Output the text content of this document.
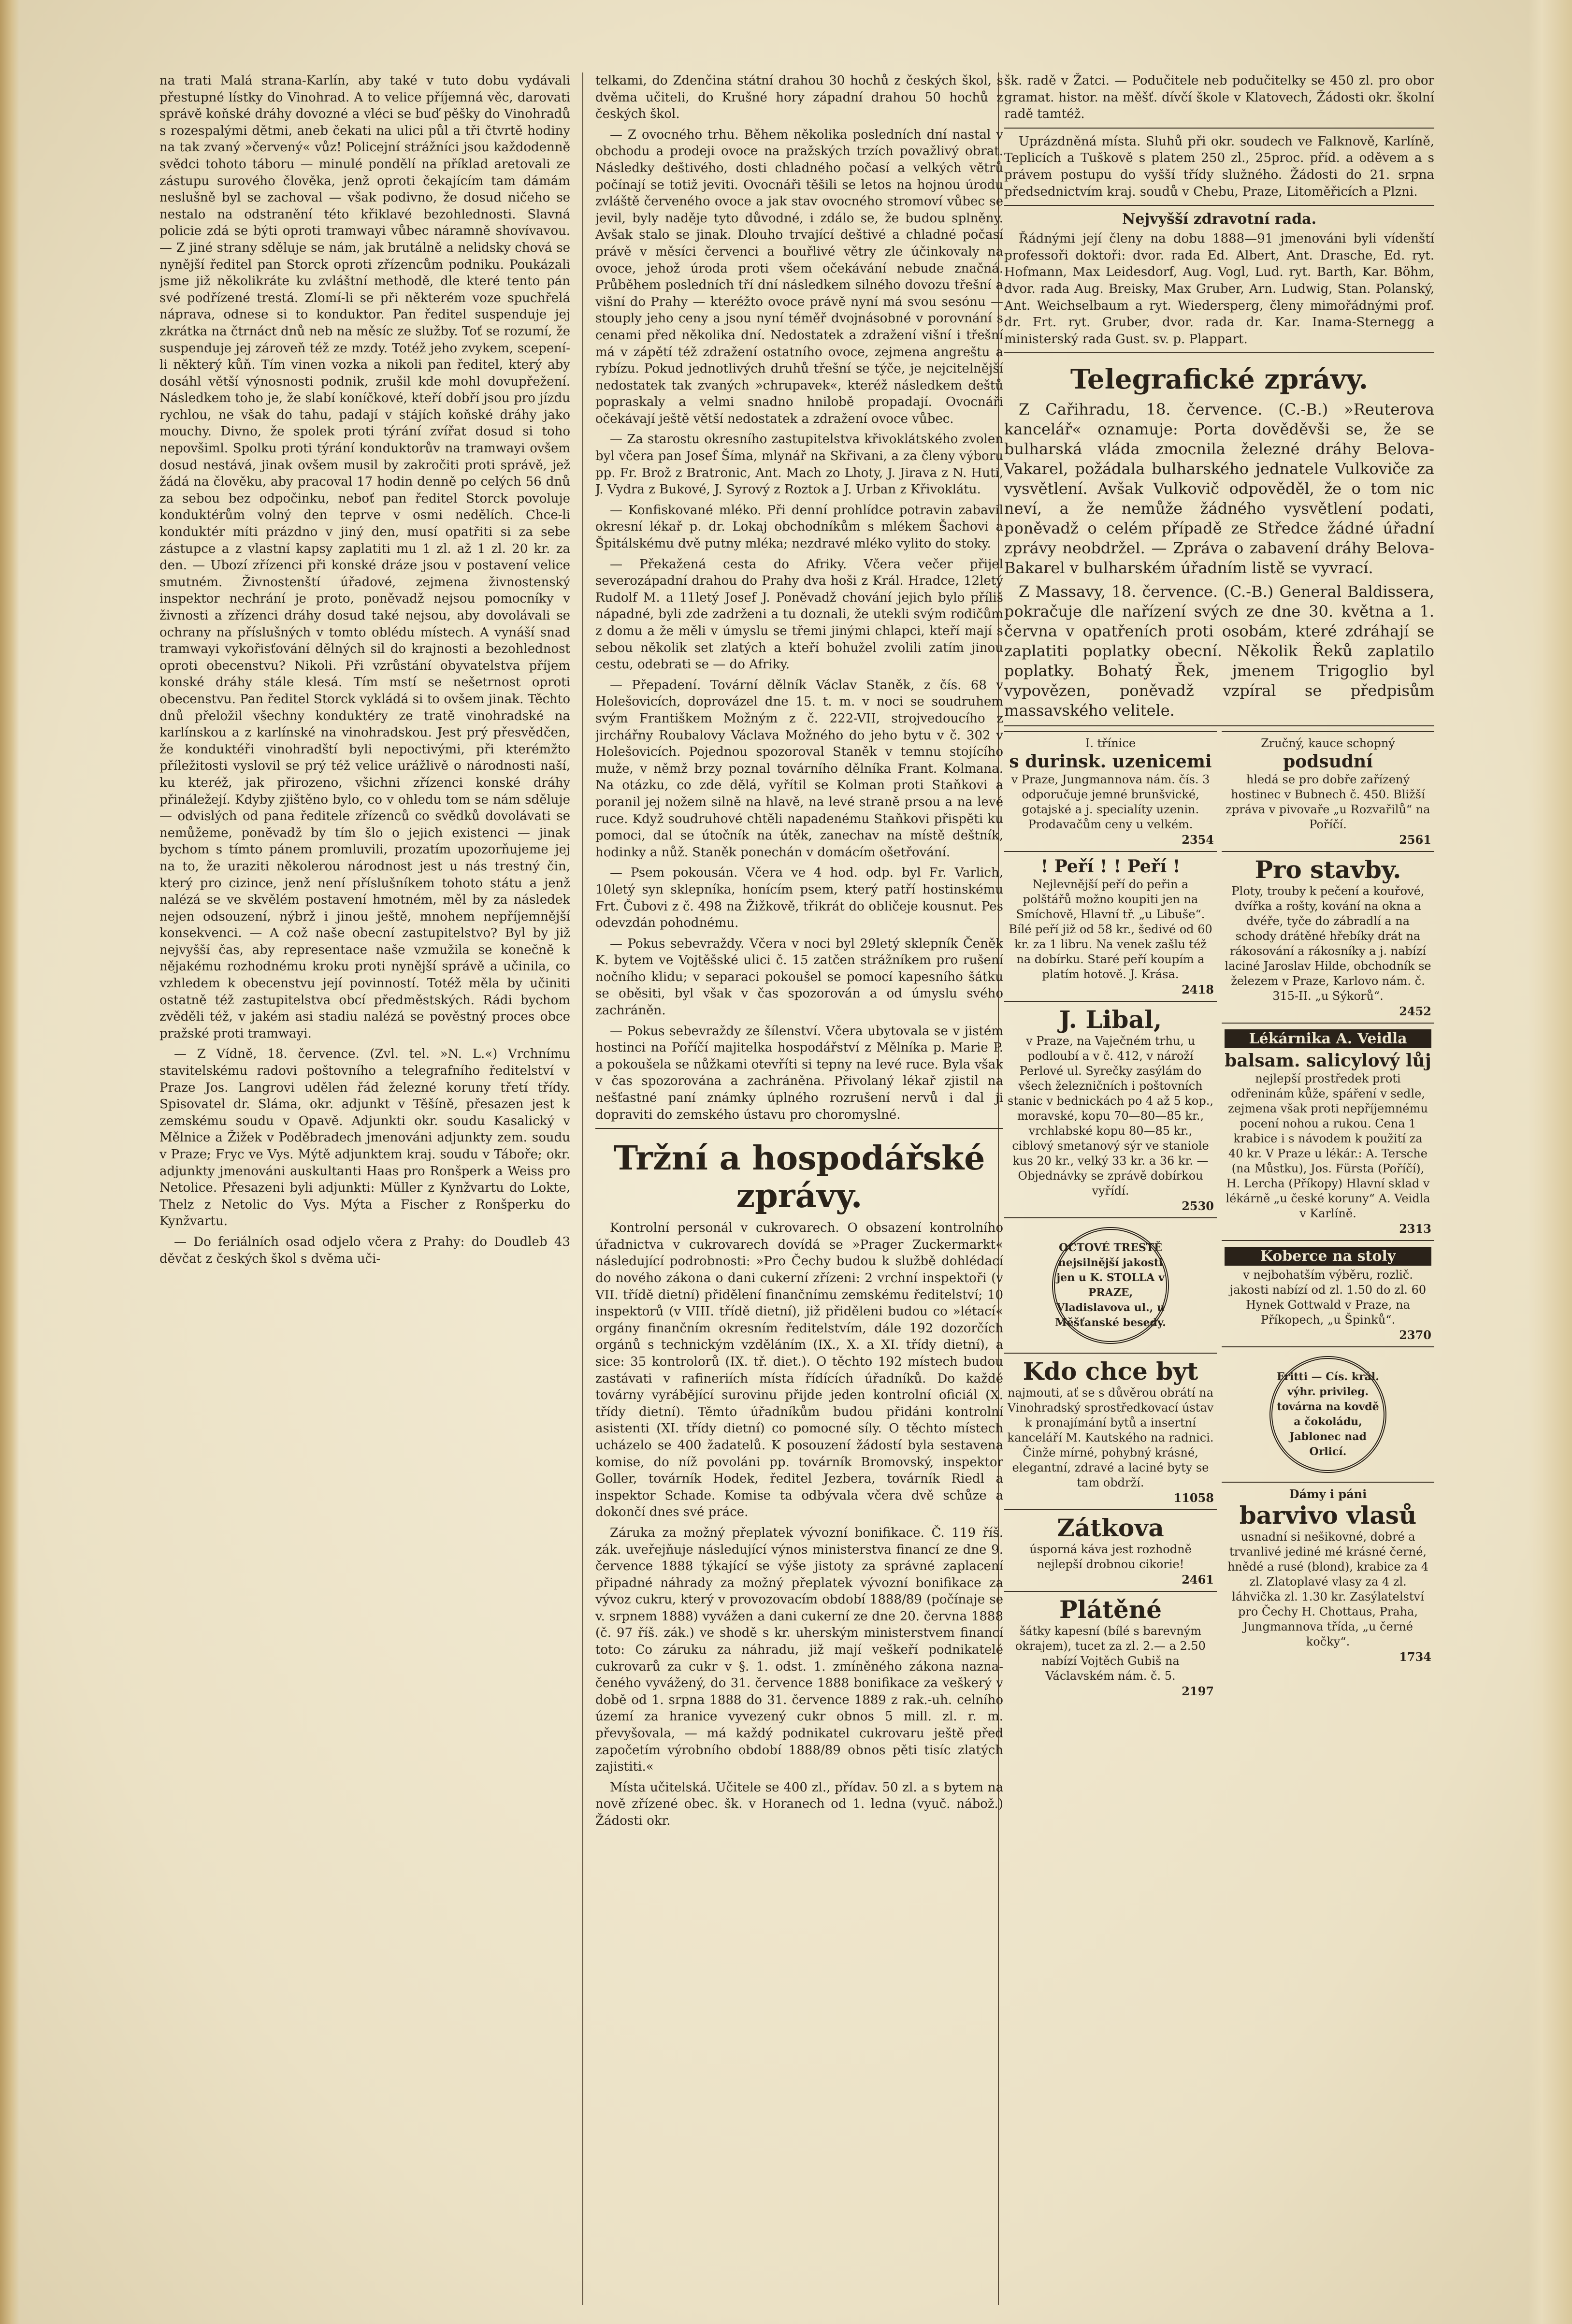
na trati Malá strana-Karlín, aby také v tuto dobu vydávali přestupné lístky do Vinohrad. A to velice příjemná věc, darovati správě koňské dráhy dovozné a vléci se buď pěšky do Vinohradů s rozespalými dětmi, aneb čekati na ulici půl a tři čtvrtě hodiny na tak zvaný »červený« vůz! Policejní strážníci jsou každodenně svědci tohoto táboru — minulé pondělí na příklad aretovali ze zástupu surového člověka, jenž oproti čekajícím tam dámám neslušně byl se zachoval — však podivno, že dosud ničeho se nestalo na odstranění této křiklavé bezohlednosti. Slavná policie zdá se býti oproti tramwayi vůbec náramně shovívavou. — Z jiné strany sděluje se nám, jak brutálně a nelidsky chová se nynější ředitel pan Storck oproti zřízencům podniku. Poukázali jsme již několikráte ku zvláštní methodě, dle které tento pán své podřízené trestá. Zlomí-li se při některém voze spuchřelá náprava, odnese si to konduktor. Pan ředitel suspenduje jej zkrátka na čtrnáct dnů neb na měsíc ze služby. Toť se rozumí, že suspenduje jej zároveň též ze mzdy. Totéž jeho zvykem, scepení-li některý kůň. Tím vinen vozka a nikoli pan ředitel, který aby dosáhl větší výnosnosti podnik, zrušil kde mohl dovupřežení. Následkem toho je, že slabí koníčkové, kteří dobří jsou pro jízdu rychlou, ne však do tahu, padají v stájích koňské dráhy jako mouchy. Divno, že spolek proti týrání zvířat dosud si toho nepovšiml. Spolku proti týrání konduktorův na tramwayi ovšem dosud nestává, jinak ovšem musil by zakročiti proti správě, jež žádá na člověku, aby pracoval 17 hodin denně po celých 56 dnů za sebou bez odpočinku, neboť pan ředitel Storck povoluje konduktérům volný den teprve v osmi nedělích. Chce-li konduktér míti prázdno v jiný den, musí opatřiti si za sebe zástupce a z vlastní kapsy zaplatiti mu 1 zl. až 1 zl. 20 kr. za den. — Ubozí zřízenci při konské dráze jsou v postavení velice smutném. Živnostenští úřadové, zejmena živnostenský inspektor nechrání je proto, poněvadž nejsou pomocníky v živnosti a zřízenci dráhy dosud také nejsou, aby dovolávali se ochrany na příslušných v tomto oblédu místech. A vynáší snad tramwayi vykořisťování dělných sil do krajnosti a bezohlednost oproti obecenstvu? Nikoli. Při vzrůstání obyvatelstva příjem konské dráhy stále klesá. Tím mstí se nešetrnost oproti obecenstvu. Pan ředitel Storck vykládá si to ovšem jinak. Těchto dnů přeložil všechny konduktéry ze tratě vinohradské na karlínskou a z karlínské na vinohradskou. Jest prý přesvědčen, že konduktéři vinohradští byli nepoctivými, při kterémžto příležitosti vyslovil se prý též velice urážlivě o národnosti naší, ku kteréž, jak přirozeno, všichni zřízenci konské dráhy přináležejí. Kdyby zjištěno bylo, co v ohledu tom se nám sděluje — odvislých od pana ředitele zřízenců co svědků dovolávati se nemůžeme, poněvadž by tím šlo o jejich existenci — jinak bychom s tímto pánem promluvili, prozatím upozorňujeme jej na to, že uraziti několerou národnost jest u nás trestný čin, který pro cizince, jenž není příslušníkem tohoto státu a jenž nalézá se ve skvělém postavení hmotném, měl by za následek nejen odsouzení, nýbrž i jinou ještě, mnohem nepříjemnější konsekvenci. — A což naše obecní zastupitelstvo? Byl by již nejvyšší čas, aby representace naše vzmužila se konečně k nějakému rozhodnému kroku proti nynější správě a učinila, co vzhledem k obecenstvu její povinností. Totéž měla by učiniti ostatně též zastupitelstva obcí předměstských. Rádi bychom zvěděli též, v jakém asi stadiu nalézá se pověstný proces obce pražské proti tramwayi.

— Z Vídně, 18. července. (Zvl. tel. »N. L.«) Vrchnímu stavitelskému radovi poštovního a telegrafního ředitelství v Praze Jos. Langrovi udělen řád železné koruny třetí třídy. Spisovatel dr. Sláma, okr. adjunkt v Těšíně, přesazen jest k zemskému soudu v Opavě. Adjunkti okr. soudu Kasalický v Mělnice a Žižek v Poděbradech jmenováni adjunkty zem. soudu v Praze; Fryc ve Vys. Mýtě adjunktem kraj. soudu v Táboře; okr. adjunkty jmenováni auskultanti Haas pro Ronšperk a Weiss pro Netolice. Přesazeni byli adjunkti: Müller z Kynžvartu do Lokte, Thelz z Netolic do Vys. Mýta a Fischer z Ronšperku do Kynžvartu.

— Do feriálních osad odjelo včera z Prahy: do Doudleb 43 děvčat z českých škol s dvěma uči-

telkami, do Zdenčina státní drahou 30 hochů z českých škol, s dvěma učiteli, do Krušné hory západní drahou 50 hochů z českých škol.

— Z ovocného trhu. Během několika posledních dní nastal v obchodu a prodeji ovoce na pražských trzích považlivý obrat. Následky deštivého, dosti chladného počasí a velkých větrů počínají se totiž jeviti. Ovocnáři těšili se letos na hojnou úrodu zvláště červeného ovoce a jak stav ovocného stromoví vůbec se jevil, byly naděje tyto důvodné, i zdálo se, že budou splněny. Avšak stalo se jinak. Dlouho trvající deštivé a chladné počasí právě v měsíci červenci a bouřlivé větry zle účinkovaly na ovoce, jehož úroda proti všem očekávání nebude značná. Průběhem posledních tří dní následkem silného dovozu třešní a višní do Prahy — kteréžto ovoce právě nyní má svou sesónu — stouply jeho ceny a jsou nyní téměř dvojnásobné v porovnání s cenami před několika dní. Nedostatek a zdražení višní i třešní má v zápětí též zdražení ostatního ovoce, zejmena angreštu a rybízu. Pokud jednotlivých druhů třešní se týče, je nejcitelnější nedostatek tak zvaných »chrupavek«, kteréž následkem deštů popraskaly a velmi snadno hnilobě propadají. Ovocnáři očekávají ještě větší nedostatek a zdražení ovoce vůbec.

— Za starostu okresního zastupitelstva křivoklátského zvolen byl včera pan Josef Šíma, mlynář na Skřivani, a za členy výboru pp. Fr. Brož z Bratronic, Ant. Mach zo Lhoty, J. Jirava z N. Huti, J. Vydra z Bukové, J. Syrový z Roztok a J. Urban z Křivoklátu.

— Konfiskované mléko. Při denní prohlídce potravin zabavil okresní lékař p. dr. Lokaj obchodníkům s mlékem Šachovi a Špitálskému dvě putny mléka; nezdravé mléko vylito do stoky.

— Překažená cesta do Afriky. Včera večer přijel severozápadní drahou do Prahy dva hoši z Král. Hradce, 12letý Rudolf M. a 11letý Josef J. Poněvadž chování jejich bylo příliš nápadné, byli zde zadrženi a tu doznali, že utekli svým rodičům z domu a že měli v úmyslu se třemi jinými chlapci, kteří mají s sebou několik set zlatých a kteří bohužel zvolili zatím jinou cestu, odebrati se — do Afriky.

— Přepadení. Tovární dělník Václav Staněk, z čís. 68 v Holešovicích, doprovázel dne 15. t. m. v noci se soudruhem svým Františkem Možným z č. 222-VII, strojvedoucího z jirchářny Roubalovy Václava Možného do jeho bytu v č. 302 v Holešovicích. Pojednou spozoroval Staněk v temnu stojícího muže, v němž brzy poznal továrního dělníka Frant. Kolmana. Na otázku, co zde dělá, vyřítil se Kolman proti Staňkovi a poranil jej nožem silně na hlavě, na levé straně prsou a na levé ruce. Když soudruhové chtěli napadenému Staňkovi přispěti ku pomoci, dal se útočník na útěk, zanechav na místě deštník, hodinky a nůž. Staněk ponechán v domácím ošetřování.

— Psem pokousán. Včera ve 4 hod. odp. byl Fr. Varlich, 10letý syn sklepníka, honícím psem, který patří hostinskému Frt. Čubovi z č. 498 na Žižkově, třikrát do obličeje kousnut. Pes odevzdán pohodnému.

— Pokus sebevraždy. Včera v noci byl 29letý sklepník Čeněk K. bytem ve Vojtěšské ulici č. 15 zatčen strážníkem pro rušení nočního klidu; v separaci pokoušel se pomocí kapesního šátku se oběsiti, byl však v čas spozorován a od úmyslu svého zachráněn.

— Pokus sebevraždy ze šílenství. Včera ubytovala se v jistém hostinci na Poříčí majitelka hospodářství z Mělníka p. Marie P. a pokoušela se nůžkami otevříti si tepny na levé ruce. Byla však v čas spozorována a zachráněna. Přivolaný lékař zjistil na nešťastné paní známky úplného rozrušení nervů i dal ji dopraviti do zemského ústavu pro choromyslné.

Tržní a hospodářské zprávy.

Kontrolní personál v cukrovarech. O obsazení kontrolního úřadnictva v cukrovarech dovídá se »Prager Zuckermarkt« následující podrobnosti: »Pro Čechy budou k službě dohlédací do nového zákona o dani cukerní zřízeni: 2 vrchní inspektoři (v VII. třídě dietní) přidělení finančnímu zemskému ředitelství; 10 inspektorů (v VIII. třídě dietní), již přiděleni budou co »létací« orgány finančním okresním ředitelstvím, dále 192 dozorčích orgánů s technickým vzděláním (IX., X. a XI. třídy dietní), a sice: 35 kontrolorů (IX. tř. diet.). O těchto 192 místech budou zastávati v rafineriích místa řídících úřadníků. Do každé továrny vyrábějící surovinu přijde jeden kontrolní oficiál (X. třídy dietní). Těmto úřadníkům budou přidáni kontrolní asistenti (XI. třídy dietní) co pomocné síly. O těchto místech ucházelo se 400 žadatelů. K posouzení žádostí byla sestavena komise, do níž povoláni pp. továrník Bromovský, inspektor Goller, továrník Hodek, ředitel Jezbera, továrník Riedl a inspektor Schade. Komise ta odbývala včera dvě schůze a dokončí dnes své práce.

Záruka za možný přeplatek vývozní bonifikace. Č. 119 říš. zák. uveřejňuje následující výnos ministerstva financí ze dne 9. července 1888 týkající se výše jistoty za správné zaplacení připadné náhrady za možný přeplatek vývozní bonifikace za vývoz cukru, který v provozovacím období 1888/89 (počínaje se v. srpnem 1888) vyvážen a dani cukerní ze dne 20. června 1888 (č. 97 říš. zák.) ve shodě s kr. uherským ministerstvem financí toto: Co záruku za náhradu, již mají veškeří podnikatelé cukrovarů za cukr v §. 1. odst. 1. zmíněného zákona naznačeného vyvážený, do 31. července 1888 bonifikace za veškerý v době od 1. srpna 1888 do 31. července 1889 z rak.-uh. celního území za hranice vyvezený cukr obnos 5 mill. zl. r. m. převyšovala, — má každý podnikatel cukrovaru ještě před započetím výrobního období 1888/89 obnos pěti tisíc zlatých zajistiti.«

Místa učitelská. Učitele se 400 zl., přídav. 50 zl. a s bytem na nově zřízené obec. šk. v Horanech od 1. ledna (vyuč. nábož.) Žádosti okr.

šk. radě v Žatci. — Podučitele neb podučitelky se 450 zl. pro obor gramat. histor. na měšť. dívčí škole v Klatovech, Žádosti okr. školní radě tamtéž.

Uprázdněná místa. Sluhů při okr. soudech ve Falknově, Karlíně, Teplicích a Tuškově s platem 250 zl., 25proc. příd. a oděvem a s právem postupu do vyšší třídy služného. Žádosti do 21. srpna předsednictvím kraj. soudů v Chebu, Praze, Litoměřicích a Plzni.

Nejvyšší zdravotní rada.

Řádnými její členy na dobu 1888—91 jmenováni byli vídenští professoři doktoři: dvor. rada Ed. Albert, Ant. Drasche, Ed. ryt. Hofmann, Max Leidesdorf, Aug. Vogl, Lud. ryt. Barth, Kar. Böhm, dvor. rada Aug. Breisky, Max Gruber, Arn. Ludwig, Stan. Polanský, Ant. Weichselbaum a ryt. Wiedersperg, členy mimořádnými prof. dr. Frt. ryt. Gruber, dvor. rada dr. Kar. Inama-Sternegg a ministerský rada Gust. sv. p. Plappart.

Telegrafické zprávy.

Z Cařihradu, 18. července. (C.-B.) »Reuterova kancelář« oznamuje: Porta dověděvši se, že se bulharská vláda zmocnila železné dráhy Belova-Vakarel, požádala bulharského jednatele Vulkoviče za vysvětlení. Avšak Vulkovič odpověděl, že o tom nic neví, a že nemůže žádného vysvětlení podati, poněvadž o celém případě ze Středce žádné úřadní zprávy neobdržel. — Zpráva o zabavení dráhy Belova-Bakarel v bulharském úřadním listě se vyvrací.

Z Massavy, 18. července. (C.-B.) General Baldissera, pokračuje dle nařízení svých ze dne 30. května a 1. června v opatřeních proti osobám, které zdráhají se zaplatiti poplatky obecní. Několik Řeků zaplatilo poplatky. Bohatý Řek, jmenem Trigoglio byl vypovězen, poněvadž vzpíral se předpisům massavského velitele.

I. třínice
s durinsk. uzenicemi
v Praze, Jungmannova nám. čís. 3 odporučuje jemné brunšvické, gotajské a j. specialíty uzenin. Prodavačům ceny u velkém.
2354
! Peří ! ! Peří !
Nejlevnější peří do peřin a polštářů možno koupiti jen na Smíchově, Hlavní tř. „u Libuše“. Bílé peří již od 58 kr., šedivé od 60 kr. za 1 libru. Na venek zašlu též na dobírku. Staré peří koupím a platím hotově. J. Krása.
2418
J. Libal,
v Praze, na Vaječném trhu, u podloubí a v č. 412, v nároží Perlové ul. Syrečky zasýlám do všech železničních i poštovních stanic v bednickách po 4 až 5 kop., moravské, kopu 70—80—85 kr., vrchlabské kopu 80—85 kr., ciblový smetanový sýr ve staniole kus 20 kr., velký 33 kr. a 36 kr. — Objednávky se zprávě dobírkou vyřídí.
2530
OCTOVÉ TRESTĚ nejsilnější jakosti jen u K. STOLLA v PRAZE, Vladislavova ul., u Měšťanské besedy.
Kdo chce byt
najmouti, ať se s důvěrou obrátí na Vinohradský sprostředkovací ústav k pronajímání bytů a insertní kanceláří M. Kautského na radnici. Činže mírné, pohybný krásné, elegantní, zdravé a laciné byty se tam obdrží.
11058
Zátkova
úsporná káva jest rozhodně nejlepší drobnou cikorie!
2461
Plátěné
šátky kapesní (bílé s barevným okrajem), tucet za zl. 2.— a 2.50 nabízí Vojtěch Gubiš na Václavském nám. č. 5.
2197
Zručný, kauce schopný
podsudní
hledá se pro dobře zařízený hostinec v Bubnech č. 450. Bližší zpráva v pivovaře „u Rozvařilů“ na Poříčí.
2561
Pro stavby.
Ploty, trouby k pečení a kouřové, dvířka a rošty, kování na okna a dvéře, tyče do zábradlí a na schody drátěné hřebíky drát na rákosování a rákosníky a j. nabízí laciné Jaroslav Hilde, obchodník se železem v Praze, Karlovo nám. č. 315-II. „u Sýkorů“.
2452
Lékárnika A. Veidla
balsam. salicylový lůj
nejlepší prostředek proti odřeninám kůže, spáření v sedle, zejmena však proti nepříjemnému pocení nohou a rukou. Cena 1 krabice i s návodem k použití za 40 kr. V Praze u lékár.: A. Tersche (na Můstku), Jos. Fürsta (Poříčí), H. Lercha (Příkopy) Hlavní sklad v lékárně „u české koruny“ A. Veidla v Karlíně.
2313
Koberce na stoly
v nejbohatším výběru, rozlič. jakosti nabízí od zl. 1.50 do zl. 60 Hynek Gottwald v Praze, na Příkopech, „u Špinků“.
2370
Fritti — Cís. král. výhr. privileg. továrna na kovdě a čokoládu, Jablonec nad Orlicí.
Dámy i páni
barvivo vlasů
usnadní si nešikovné, dobré a trvanlivé jediné mé krásné černé, hnědé a rusé (blond), krabice za 4 zl. Zlatoplavé vlasy za 4 zl. láhvička zl. 1.30 kr. Zasýlatelství pro Čechy H. Chottaus, Praha, Jungmannova třída, „u černé kočky“.
1734
